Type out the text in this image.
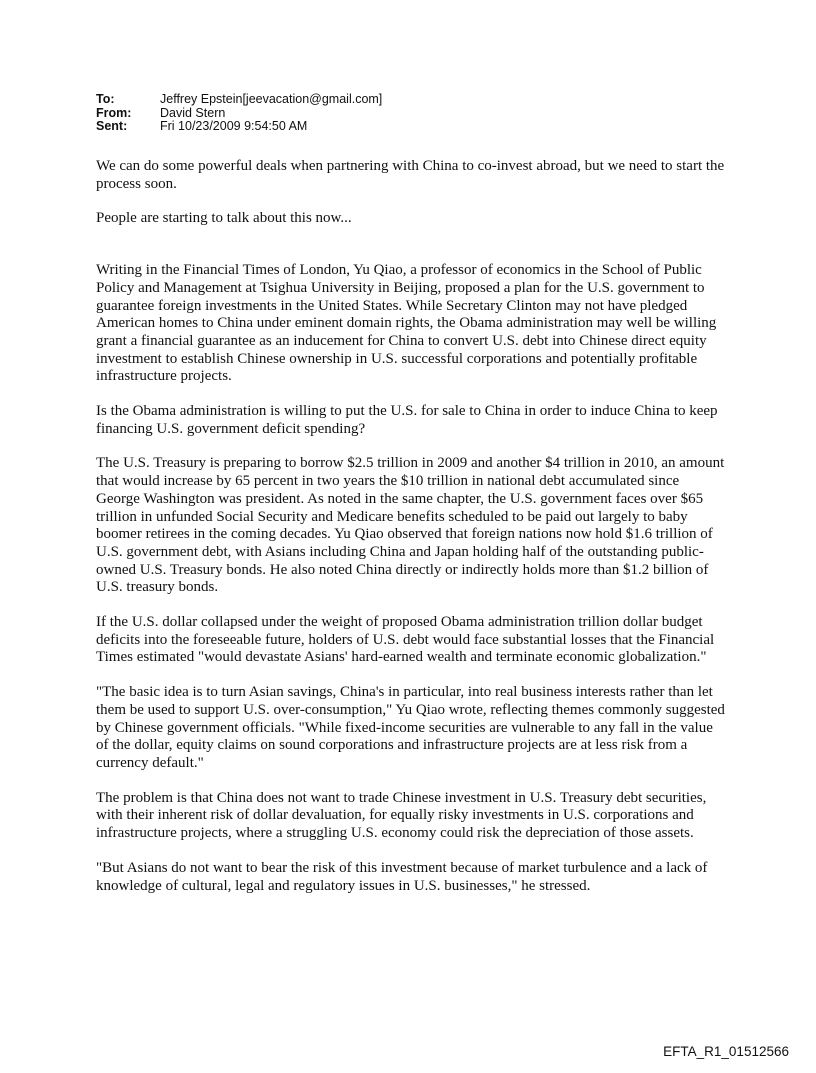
To:	Jeffrey Epstein[jeevacation@gmail.com]
From:	David Stern
Sent:	Fri 10/23/2009 9:54:50 AM

We can do some powerful deals when partnering with China to co-invest abroad, but we need to start the process soon.

People are starting to talk about this now...

Writing in the Financial Times of London, Yu Qiao, a professor of economics in the School of Public Policy and Management at Tsighua University in Beijing, proposed a plan for the U.S. government to guarantee foreign investments in the United States. While Secretary Clinton may not have pledged American homes to China under eminent domain rights, the Obama administration may well be willing grant a financial guarantee as an inducement for China to convert U.S. debt into Chinese direct equity investment to establish Chinese ownership in U.S. successful corporations and potentially profitable infrastructure projects.

Is the Obama administration is willing to put the U.S. for sale to China in order to induce China to keep financing U.S. government deficit spending?

The U.S. Treasury is preparing to borrow $2.5 trillion in 2009 and another $4 trillion in 2010, an amount that would increase by 65 percent in two years the $10 trillion in national debt accumulated since George Washington was president. As noted in the same chapter, the U.S. government faces over $65 trillion in unfunded Social Security and Medicare benefits scheduled to be paid out largely to baby boomer retirees in the coming decades. Yu Qiao observed that foreign nations now hold $1.6 trillion of U.S. government debt, with Asians including China and Japan holding half of the outstanding public-owned U.S. Treasury bonds. He also noted China directly or indirectly holds more than $1.2 billion of U.S. treasury bonds.

If the U.S. dollar collapsed under the weight of proposed Obama administration trillion dollar budget deficits into the foreseeable future, holders of U.S. debt would face substantial losses that the Financial Times estimated "would devastate Asians' hard-earned wealth and terminate economic globalization."

"The basic idea is to turn Asian savings, China's in particular, into real business interests rather than let them be used to support U.S. over-consumption," Yu Qiao wrote, reflecting themes commonly suggested by Chinese government officials. "While fixed-income securities are vulnerable to any fall in the value of the dollar, equity claims on sound corporations and infrastructure projects are at less risk from a currency default."

The problem is that China does not want to trade Chinese investment in U.S. Treasury debt securities, with their inherent risk of dollar devaluation, for equally risky investments in U.S. corporations and infrastructure projects, where a struggling U.S. economy could risk the depreciation of those assets.

"But Asians do not want to bear the risk of this investment because of market turbulence and a lack of knowledge of cultural, legal and regulatory issues in U.S. businesses," he stressed.

EFTA_R1_01512566
